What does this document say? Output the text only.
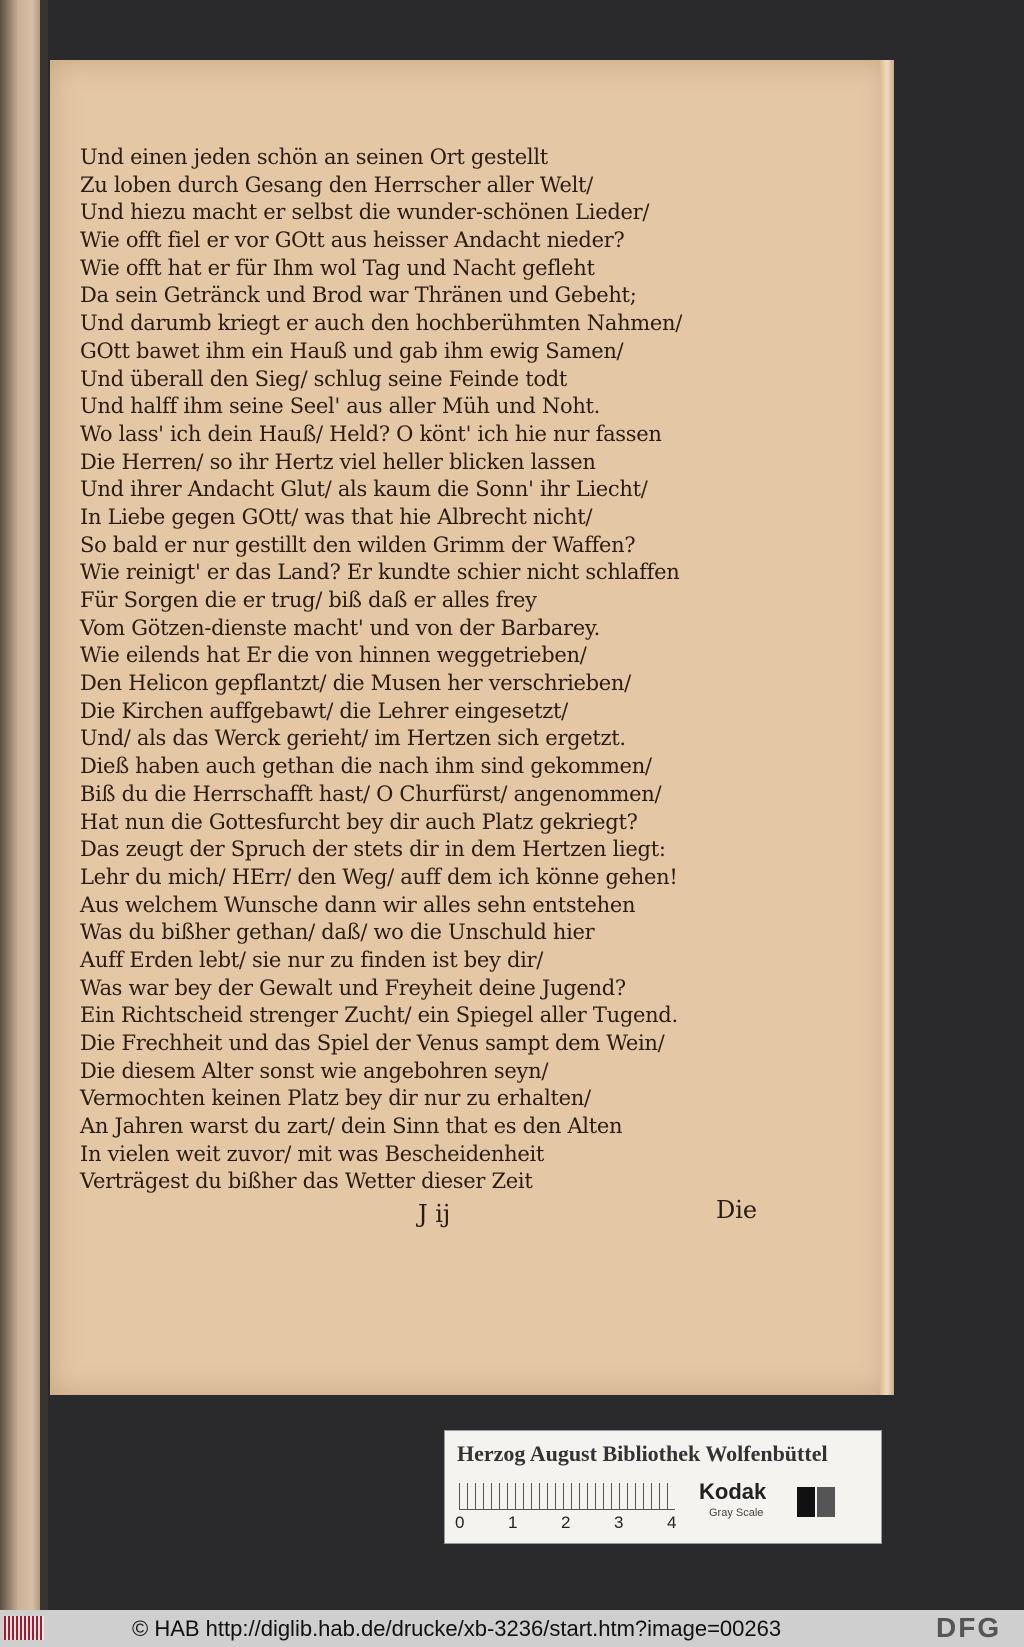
Und einen jeden schön an seinen Ort gestellt
Zu loben durch Gesang den Herrscher aller Welt/
Und hiezu macht er selbst die wunder-schönen Lieder/
Wie offt fiel er vor GOtt aus heisser Andacht nieder?
Wie offt hat er für Ihm wol Tag und Nacht gefleht
Da sein Getränck und Brod war Thränen und Gebeht;
Und darumb kriegt er auch den hochberühmten Nahmen/
GOtt bawet ihm ein Hauß und gab ihm ewig Samen/
Und überall den Sieg/ schlug seine Feinde todt
Und halff ihm seine Seel' aus aller Müh und Noht.
Wo lass' ich dein Hauß/ Held? O könt' ich hie nur fassen
Die Herren/ so ihr Hertz viel heller blicken lassen
Und ihrer Andacht Glut/ als kaum die Sonn' ihr Liecht/
In Liebe gegen GOtt/ was that hie Albrecht nicht/
So bald er nur gestillt den wilden Grimm der Waffen?
Wie reinigt' er das Land? Er kundte schier nicht schlaffen
Für Sorgen die er trug/ biß daß er alles frey
Vom Götzen-dienste macht' und von der Barbarey.
Wie eilends hat Er die von hinnen weggetrieben/
Den Helicon gepflantzt/ die Musen her verschrieben/
Die Kirchen auffgebawt/ die Lehrer eingesetzt/
Und/ als das Werck gerieht/ im Hertzen sich ergetzt.
Dieß haben auch gethan die nach ihm sind gekommen/
Biß du die Herrschafft hast/ O Churfürst/ angenommen/
Hat nun die Gottesfurcht bey dir auch Platz gekriegt?
Das zeugt der Spruch der stets dir in dem Hertzen liegt:
Lehr du mich/ HErr/ den Weg/ auff dem ich könne gehen!
Aus welchem Wunsche dann wir alles sehn entstehen
Was du bißher gethan/ daß/ wo die Unschuld hier
Auff Erden lebt/ sie nur zu finden ist bey dir/
Was war bey der Gewalt und Freyheit deine Jugend?
Ein Richtscheid strenger Zucht/ ein Spiegel aller Tugend.
Die Frechheit und das Spiel der Venus sampt dem Wein/
Die diesem Alter sonst wie angebohren seyn/
Vermochten keinen Platz bey dir nur zu erhalten/
An Jahren warst du zart/ dein Sinn that es den Alten
In vielen weit zuvor/ mit was Bescheidenheit
Verträgest du bißher das Wetter dieser Zeit
J ij	Die
Herzog August Bibliothek Wolfenbüttel
0	1	2	3	4
Kodak
Gray Scale
© HAB http://diglib.hab.de/drucke/xb-3236/start.htm?image=00263	DFG
